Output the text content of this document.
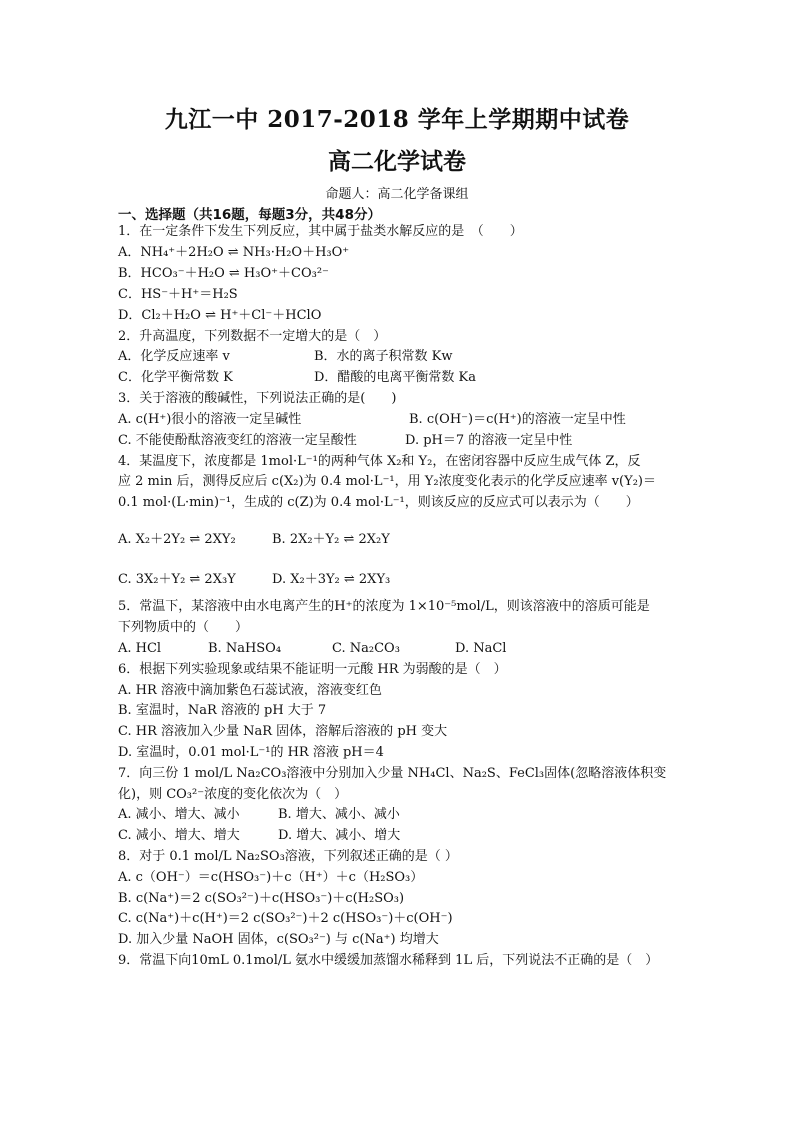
九江一中 2017-2018 学年上学期期中试卷
高二化学试卷
命题人：高二化学备课组
一、选择题（共16题，每题3分，共48分）
1．在一定条件下发生下列反应，其中属于盐类水解反应的是　（　　）
A．NH₄⁺＋2H₂O ⇌ NH₃·H₂O＋H₃O⁺
B．HCO₃⁻＋H₂O ⇌ H₃O⁺＋CO₃²⁻
C．HS⁻＋H⁺＝H₂S
D．Cl₂＋H₂O ⇌ H⁺＋Cl⁻＋HClO
2．升高温度，下列数据不一定增大的是（　）
A．化学反应速率 v	B．水的离子积常数 Kw
C．化学平衡常数 K	D．醋酸的电离平衡常数 Ka
3．关于溶液的酸碱性，下列说法正确的是(　　)
A. c(H⁺)很小的溶液一定呈碱性	B. c(OH⁻)＝c(H⁺)的溶液一定呈中性
C. 不能使酚酞溶液变红的溶液一定呈酸性	D. pH＝7 的溶液一定呈中性
4．某温度下，浓度都是 1mol·L⁻¹的两种气体 X₂和 Y₂，在密闭容器中反应生成气体 Z，反
应 2 min 后，测得反应后 c(X₂)为 0.4 mol·L⁻¹，用 Y₂浓度变化表示的化学反应速率 v(Y₂)＝
0.1 mol·(L·min)⁻¹，生成的 c(Z)为 0.4 mol·L⁻¹，则该反应的反应式可以表示为（　　）
A. X₂＋2Y₂ ⇌ 2XY₂	B. 2X₂＋Y₂ ⇌ 2X₂Y
C. 3X₂＋Y₂ ⇌ 2X₃Y	D. X₂＋3Y₂ ⇌ 2XY₃
5．常温下，某溶液中由水电离产生的H⁺的浓度为 1×10⁻⁵mol/L，则该溶液中的溶质可能是
下列物质中的（　　）
A. HCl	B. NaHSO₄	C. Na₂CO₃	D. NaCl
6．根据下列实验现象或结果不能证明一元酸 HR 为弱酸的是（　）
A. HR 溶液中滴加紫色石蕊试液，溶液变红色
B. 室温时，NaR 溶液的 pH 大于 7
C. HR 溶液加入少量 NaR 固体，溶解后溶液的 pH 变大
D. 室温时，0.01 mol·L⁻¹的 HR 溶液 pH＝4
7．向三份 1 mol/L Na₂CO₃溶液中分别加入少量 NH₄Cl、Na₂S、FeCl₃固体(忽略溶液体积变
化)，则 CO₃²⁻浓度的变化依次为（　）
A. 减小、增大、减小	B. 增大、减小、减小
C. 减小、增大、增大	D. 增大、减小、增大
8．对于 0.1 mol/L Na₂SO₃溶液，下列叙述正确的是（ ）
A. c（OH⁻）＝c(HSO₃⁻)＋c（H⁺）＋c（H₂SO₃）
B. c(Na⁺)＝2 c(SO₃²⁻)＋c(HSO₃⁻)＋c(H₂SO₃)
C. c(Na⁺)＋c(H⁺)＝2 c(SO₃²⁻)＋2 c(HSO₃⁻)＋c(OH⁻)
D. 加入少量 NaOH 固体，c(SO₃²⁻) 与 c(Na⁺) 均增大
9．常温下向10mL 0.1mol/L 氨水中缓缓加蒸馏水稀释到 1L 后，下列说法不正确的是（　）
